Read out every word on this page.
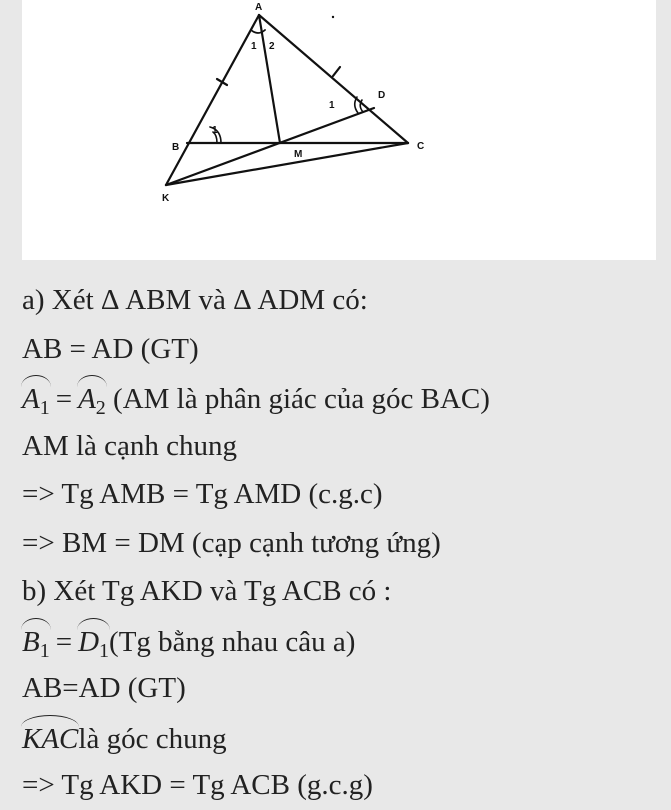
A
B	C
D
K
M
1 2
1
1
a) Xét Δ ABM và Δ ADM có:
AB = AD (GT)
$A_1 = A_2$ (AM là phân giác của góc BAC)
AM là cạnh chung
=> Tg AMB = Tg AMD (c.g.c)
=> BM = DM (cạp cạnh tương ứng)
b) Xét Tg AKD và Tg ACB có :
$B_1 = D_1(Tg$ bằng nhau câu a)
AB=AD (GT)
KAClà góc chung
=> Tg AKD = Tg ACB (g.c.g)
